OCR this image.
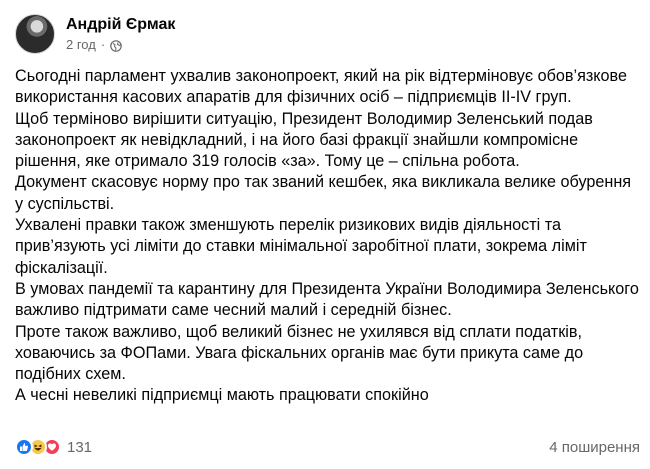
Андрій Єрмак
2 год ·

Сьогодні парламент ухвалив законопроект, який на рік відтерміновує обов’язкове використання касових апаратів для фізичних осіб – підприємців ІІ-IV груп.

Щоб терміново вирішити ситуацію, Президент Володимир Зеленський подав законопроект як невідкладний, і на його базі фракції знайшли компромісне рішення, яке отримало 319 голосів «за». Тому це – спільна робота.

Документ скасовує норму про так званий кешбек, яка викликала велике обурення у суспільстві.

Ухвалені правки також зменшують перелік ризикових видів діяльності та прив’язують усі ліміти до ставки мінімальної заробітної плати, зокрема ліміт фіскалізації.

В умовах пандемії та карантину для Президента України Володимира Зеленського важливо підтримати саме чесний малий і середній бізнес.

Проте також важливо, щоб великий бізнес не ухилявся від сплати податків, ховаючись за ФОПами. Увага фіскальних органів має бути прикута саме до подібних схем.

А чесні невеликі підприємці мають працювати спокійно

131	4 поширення
